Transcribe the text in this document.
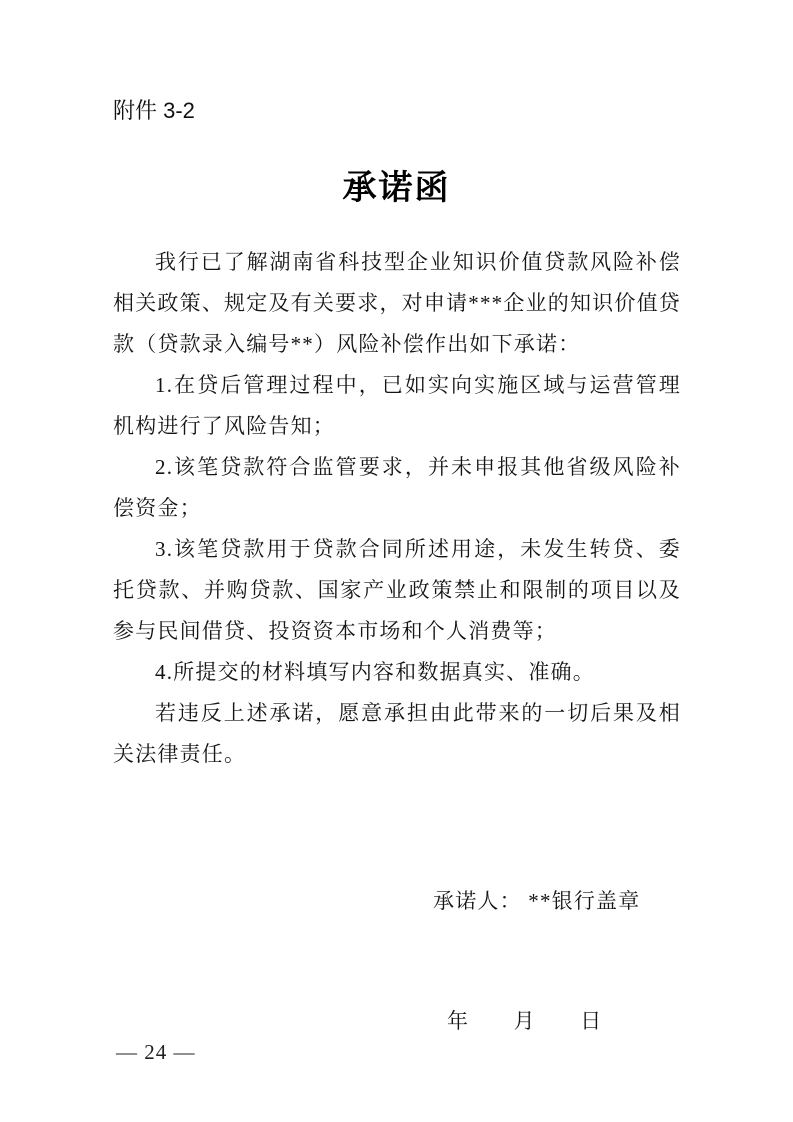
附件 3-2
承诺函

我行已了解湖南省科技型企业知识价值贷款风险补偿相关政策、规定及有关要求，对申请***企业的知识价值贷款（贷款录入编号**）风险补偿作出如下承诺：

1.在贷后管理过程中，已如实向实施区域与运营管理机构进行了风险告知；

2.该笔贷款符合监管要求，并未申报其他省级风险补偿资金；

3.该笔贷款用于贷款合同所述用途，未发生转贷、委托贷款、并购贷款、国家产业政策禁止和限制的项目以及参与民间借贷、投资资本市场和个人消费等；

4.所提交的材料填写内容和数据真实、准确。

若违反上述承诺，愿意承担由此带来的一切后果及相关法律责任。

承诺人： **银行盖章

年　　月　　日

— 24 —
